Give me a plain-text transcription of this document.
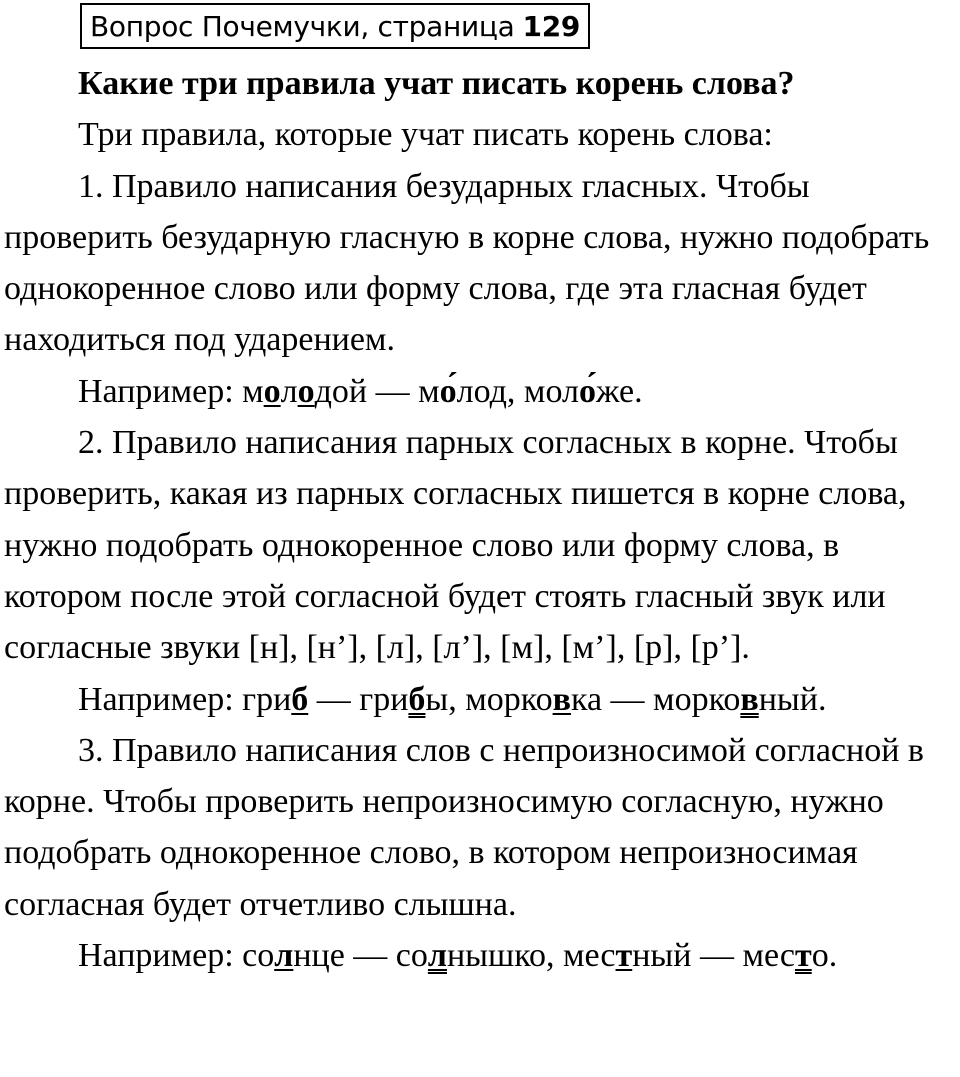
Вопрос Почемучки, страница 129

Какие три правила учат писать корень слова?

Три правила, которые учат писать корень слова:

1. Правило написания безударных гласных. Чтобы проверить безударную гласную в корне слова, нужно подобрать однокоренное слово или форму слова, где эта гласная будет находиться под ударением.

Например: молодой — мо́лод, моло́же.

2. Правило написания парных согласных в корне. Чтобы проверить, какая из парных согласных пишется в корне слова, нужно подобрать однокоренное слово или форму слова, в котором после этой согласной будет стоять гласный звук или согласные звуки [н], [н’], [л], [л’], [м], [м’], [р], [р’].

Например: гриб — грибы, морковка — морковный.

3. Правило написания слов с непроизносимой согласной в корне. Чтобы проверить непроизносимую согласную, нужно подобрать однокоренное слово, в котором непроизносимая согласная будет отчетливо слышна.

Например: солнце — солнышко, местный — место.
